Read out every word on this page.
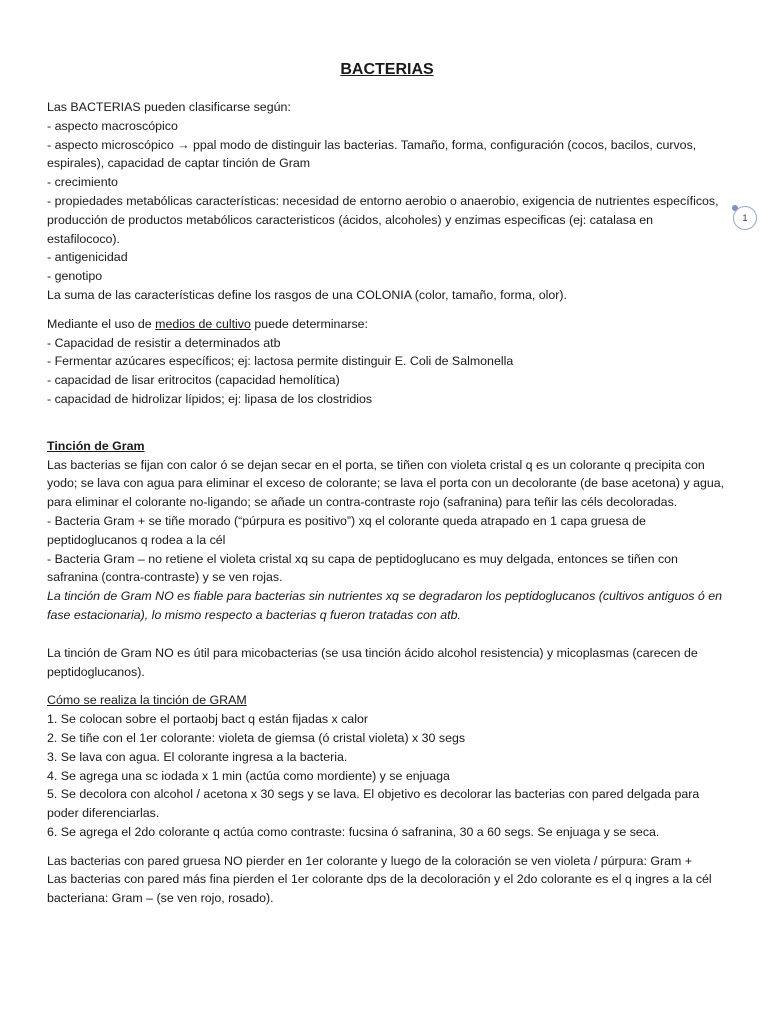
1
BACTERIAS

Las BACTERIAS pueden clasificarse según:

- aspecto macroscópico

- aspecto microscópico → ppal modo de distinguir las bacterias. Tamaño, forma, configuración (cocos, bacilos, curvos, espirales), capacidad de captar tinción de Gram

- crecimiento

- propiedades metabólicas características: necesidad de entorno aerobio o anaerobio, exigencia de nutrientes específicos, producción de productos metabólicos caracteristicos (ácidos, alcoholes) y enzimas especificas (ej: catalasa en estafilococo).

- antigenicidad

- genotipo

La suma de las características define los rasgos de una COLONIA (color, tamaño, forma, olor).

Mediante el uso de medios de cultivo puede determinarse:

- Capacidad de resistir a determinados atb

- Fermentar azúcares específicos; ej: lactosa permite distinguir E. Coli de Salmonella

- capacidad de lisar eritrocitos (capacidad hemolítica)

- capacidad de hidrolizar lípidos; ej: lipasa de los clostridios

Tinción de Gram

Las bacterias se fijan con calor ó se dejan secar en el porta, se tiñen con violeta cristal q es un colorante q precipita con yodo; se lava con agua para eliminar el exceso de colorante; se lava el porta con un decolorante (de base acetona) y agua, para eliminar el colorante no-ligando; se añade un contra-contraste rojo (safranina) para teñir las céls decoloradas.

- Bacteria Gram + se tiñe morado (“púrpura es positivo”) xq el colorante queda atrapado en 1 capa gruesa de peptidoglucanos q rodea a la cél

- Bacteria Gram – no retiene el violeta cristal xq su capa de peptidoglucano es muy delgada, entonces se tiñen con safranina (contra-contraste) y se ven rojas.

La tinción de Gram NO es fiable para bacterias sin nutrientes xq se degradaron los peptidoglucanos (cultivos antiguos ó en fase estacionaria), lo mismo respecto a bacterias q fueron tratadas con atb.

La tinción de Gram NO es útil para micobacterias (se usa tinción ácido alcohol resistencia) y micoplasmas (carecen de peptidoglucanos).

Cómo se realiza la tinción de GRAM

1. Se colocan sobre el portaobj bact q están fijadas x calor

2. Se tiñe con el 1er colorante: violeta de giemsa (ó cristal violeta) x 30 segs

3. Se lava con agua. El colorante ingresa a la bacteria.

4. Se agrega una sc iodada x 1 min (actúa como mordiente) y se enjuaga

5. Se decolora con alcohol / acetona x 30 segs y se lava. El objetivo es decolorar las bacterias con pared delgada para poder diferenciarlas.

6. Se agrega el 2do colorante q actúa como contraste: fucsina ó safranina, 30 a 60 segs. Se enjuaga y se seca.

Las bacterias con pared gruesa NO pierder en 1er colorante y luego de la coloración se ven violeta / púrpura: Gram +

Las bacterias con pared más fina pierden el 1er colorante dps de la decoloración y el 2do colorante es el q ingres a la cél bacteriana: Gram – (se ven rojo, rosado).
